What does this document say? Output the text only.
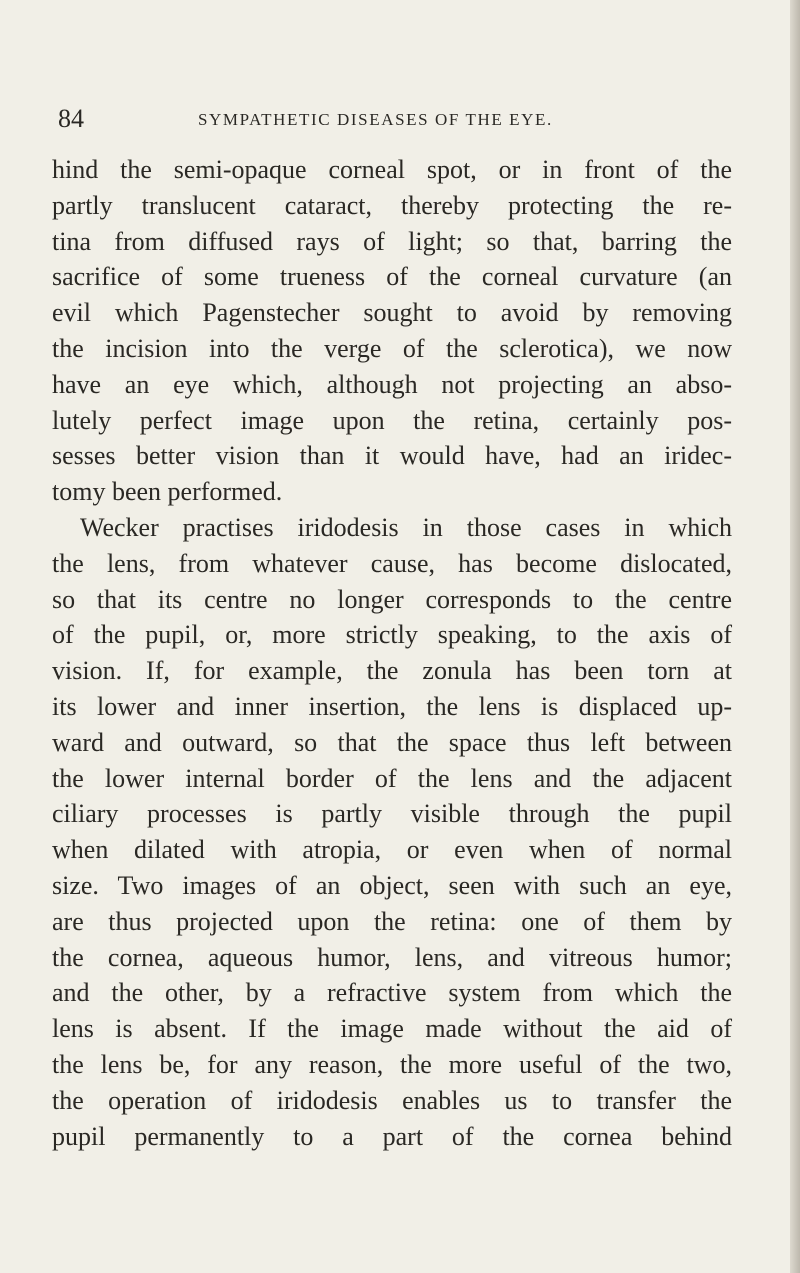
84	SYMPATHETIC DISEASES OF THE EYE.
hind the semi-opaque corneal spot, or in front of the
partly translucent cataract, thereby protecting the re-
tina from diffused rays of light; so that, barring the
sacrifice of some trueness of the corneal curvature (an
evil which Pagenstecher sought to avoid by removing
the incision into the verge of the sclerotica), we now
have an eye which, although not projecting an abso-
lutely perfect image upon the retina, certainly pos-
sesses better vision than it would have, had an iridec-
tomy been performed.
Wecker practises iridodesis in those cases in which
the lens, from whatever cause, has become dislocated,
so that its centre no longer corresponds to the centre
of the pupil, or, more strictly speaking, to the axis of
vision. If, for example, the zonula has been torn at
its lower and inner insertion, the lens is displaced up-
ward and outward, so that the space thus left between
the lower internal border of the lens and the adjacent
ciliary processes is partly visible through the pupil
when dilated with atropia, or even when of normal
size. Two images of an object, seen with such an eye,
are thus projected upon the retina: one of them by
the cornea, aqueous humor, lens, and vitreous humor;
and the other, by a refractive system from which the
lens is absent. If the image made without the aid of
the lens be, for any reason, the more useful of the two,
the operation of iridodesis enables us to transfer the
pupil permanently to a part of the cornea behind
